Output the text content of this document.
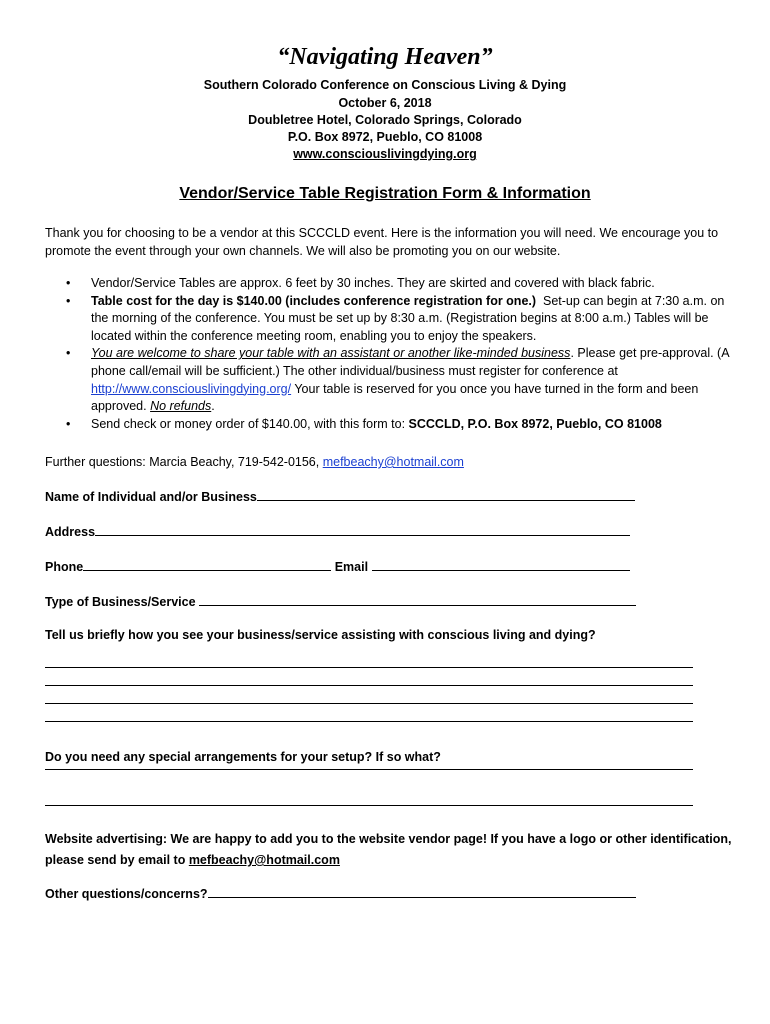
“Navigating Heaven”
Southern Colorado Conference on Conscious Living & Dying
October 6, 2018
Doubletree Hotel, Colorado Springs, Colorado
P.O. Box 8972, Pueblo, CO 81008
www.consciouslivingdying.org
Vendor/Service Table Registration Form & Information
Thank you for choosing to be a vendor at this SCCCLD event. Here is the information you will need. We encourage you to promote the event through your own channels. We will also be promoting you on our website.
• Vendor/Service Tables are approx. 6 feet by 30 inches. They are skirted and covered with black fabric.
• Table cost for the day is $140.00 (includes conference registration for one.) Set-up can begin at 7:30 a.m. on the morning of the conference. You must be set up by 8:30 a.m. (Registration begins at 8:00 a.m.) Tables will be located within the conference meeting room, enabling you to enjoy the speakers.
• You are welcome to share your table with an assistant or another like-minded business. Please get pre-approval. (A phone call/email will be sufficient.) The other individual/business must register for conference at http://www.consciouslivingdying.org/ Your table is reserved for you once you have turned in the form and been approved. No refunds.
• Send check or money order of $140.00, with this form to: SCCCLD, P.O. Box 8972, Pueblo, CO 81008
Further questions: Marcia Beachy, 719-542-0156, mefbeachy@hotmail.com
Name of Individual and/or Business
Address
Phone	Email
Type of Business/Service
Tell us briefly how you see your business/service assisting with conscious living and dying?
Do you need any special arrangements for your setup? If so what?
Website advertising: We are happy to add you to the website vendor page! If you have a logo or other identification,
please send by email to mefbeachy@hotmail.com
Other questions/concerns?
